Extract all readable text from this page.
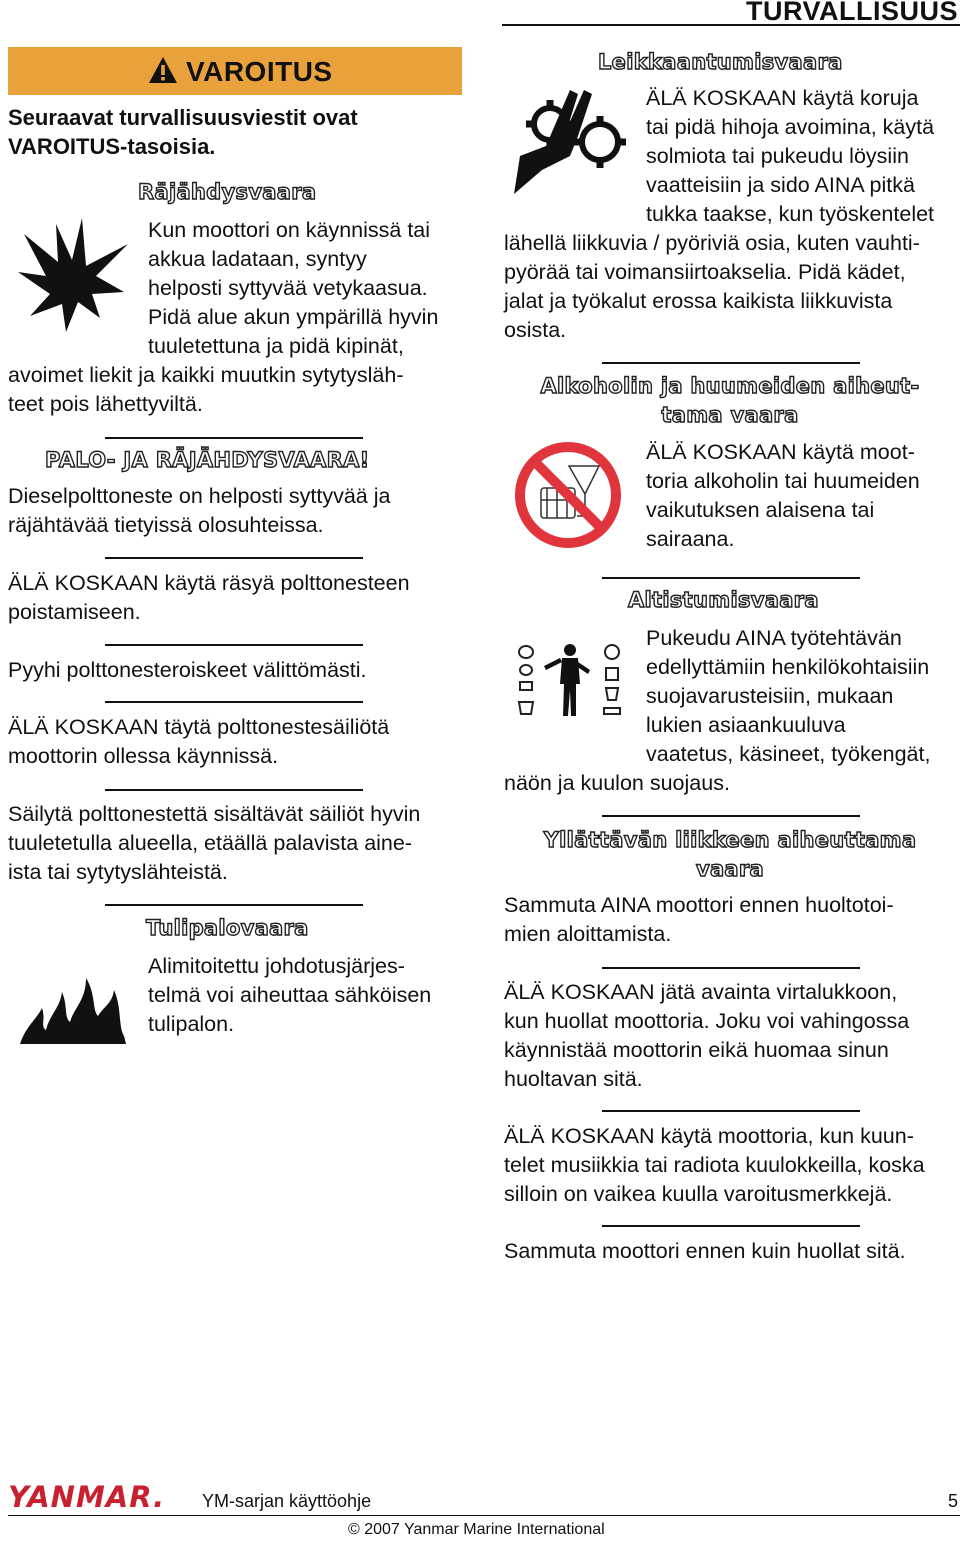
TURVALLISUUS
VAROITUS
Seuraavat turvallisuusviestit ovat
VAROITUS-tasoisia.
Räjähdysvaara
Kun moottori on käynnissä tai
akkua ladataan, syntyy
helposti syttyvää vetykaasua.
Pidä alue akun ympärillä hyvin
tuuletettuna ja pidä kipinät,
avoimet liekit ja kaikki muutkin sytytysläh-
teet pois lähettyviltä.
PALO- JA RÄJÄHDYSVAARA!
Dieselpolttoneste on helposti syttyvää ja
räjähtävää tietyissä olosuhteissa.
ÄLÄ KOSKAAN käytä räsyä polttonesteen
poistamiseen.
Pyyhi polttonesteroiskeet välittömästi.
ÄLÄ KOSKAAN täytä polttonestesäiliötä
moottorin ollessa käynnissä.
Säilytä polttonestettä sisältävät säiliöt hyvin
tuuletetulla alueella, etäällä palavista aine-
ista tai sytytyslähteistä.
Tulipalovaara
Alimitoitettu johdotusjärjes-
telmä voi aiheuttaa sähköisen
tulipalon.
Leikkaantumisvaara
ÄLÄ KOSKAAN käytä koruja
tai pidä hihoja avoimina, käytä
solmiota tai pukeudu löysiin
vaatteisiin ja sido AINA pitkä
tukka taakse, kun työskentelet
lähellä liikkuvia / pyöriviä osia, kuten vauhti-
pyörää tai voimansiirtoakselia. Pidä kädet,
jalat ja työkalut erossa kaikista liikkuvista
osista.
Alkoholin ja huumeiden aiheut-
tama vaara
ÄLÄ KOSKAAN käytä moot-
toria alkoholin tai huumeiden
vaikutuksen alaisena tai
sairaana.
Altistumisvaara
Pukeudu AINA työtehtävän
edellyttämiin henkilökohtaisiin
suojavarusteisiin, mukaan
lukien asiaankuuluva
vaatetus, käsineet, työkengät,
näön ja kuulon suojaus.
Yllättävän liikkeen aiheuttama
vaara
Sammuta AINA moottori ennen huoltotoi-
mien aloittamista.
ÄLÄ KOSKAAN jätä avainta virtalukkoon,
kun huollat moottoria. Joku voi vahingossa
käynnistää moottorin eikä huomaa sinun
huoltavan sitä.
ÄLÄ KOSKAAN käytä moottoria, kun kuun-
telet musiikkia tai radiota kuulokkeilla, koska
silloin on vaikea kuulla varoitusmerkkejä.
Sammuta moottori ennen kuin huollat sitä.
YANMAR. YM-sarjan käyttöohje	5
© 2007 Yanmar Marine International
